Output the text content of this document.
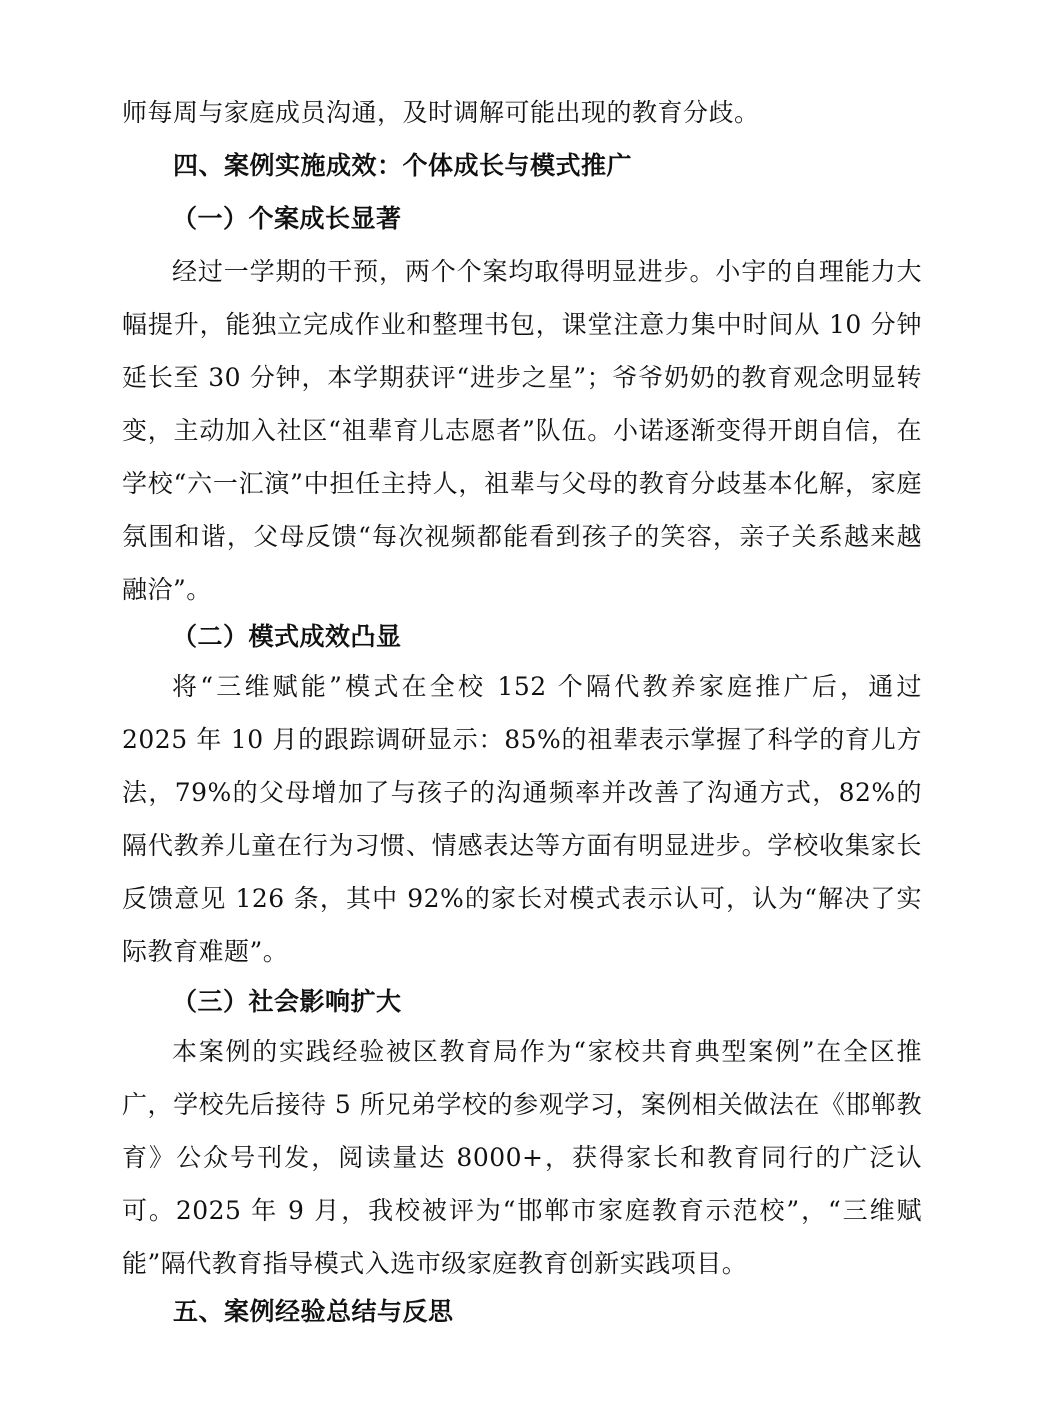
师每周与家庭成员沟通，及时调解可能出现的教育分歧。
四、案例实施成效：个体成长与模式推广
（一）个案成长显著
经过一学期的干预，两个个案均取得明显进步。小宇的自理能力大幅提升，能独立完成作业和整理书包，课堂注意力集中时间从 10 分钟延长至 30 分钟，本学期获评“进步之星”；爷爷奶奶的教育观念明显转变，主动加入社区“祖辈育儿志愿者”队伍。小诺逐渐变得开朗自信，在学校“六一汇演”中担任主持人，祖辈与父母的教育分歧基本化解，家庭氛围和谐，父母反馈“每次视频都能看到孩子的笑容，亲子关系越来越融洽”。
（二）模式成效凸显
将“三维赋能”模式在全校 152 个隔代教养家庭推广后，通过 2025 年 10 月的跟踪调研显示：85%的祖辈表示掌握了科学的育儿方法，79%的父母增加了与孩子的沟通频率并改善了沟通方式，82%的隔代教养儿童在行为习惯、情感表达等方面有明显进步。学校收集家长反馈意见 126 条，其中 92%的家长对模式表示认可，认为“解决了实际教育难题”。
（三）社会影响扩大
本案例的实践经验被区教育局作为“家校共育典型案例”在全区推广，学校先后接待 5 所兄弟学校的参观学习，案例相关做法在《邯郸教育》公众号刊发，阅读量达 8000+，获得家长和教育同行的广泛认可。2025 年 9 月，我校被评为“邯郸市家庭教育示范校”，“三维赋能”隔代教育指导模式入选市级家庭教育创新实践项目。
五、案例经验总结与反思
